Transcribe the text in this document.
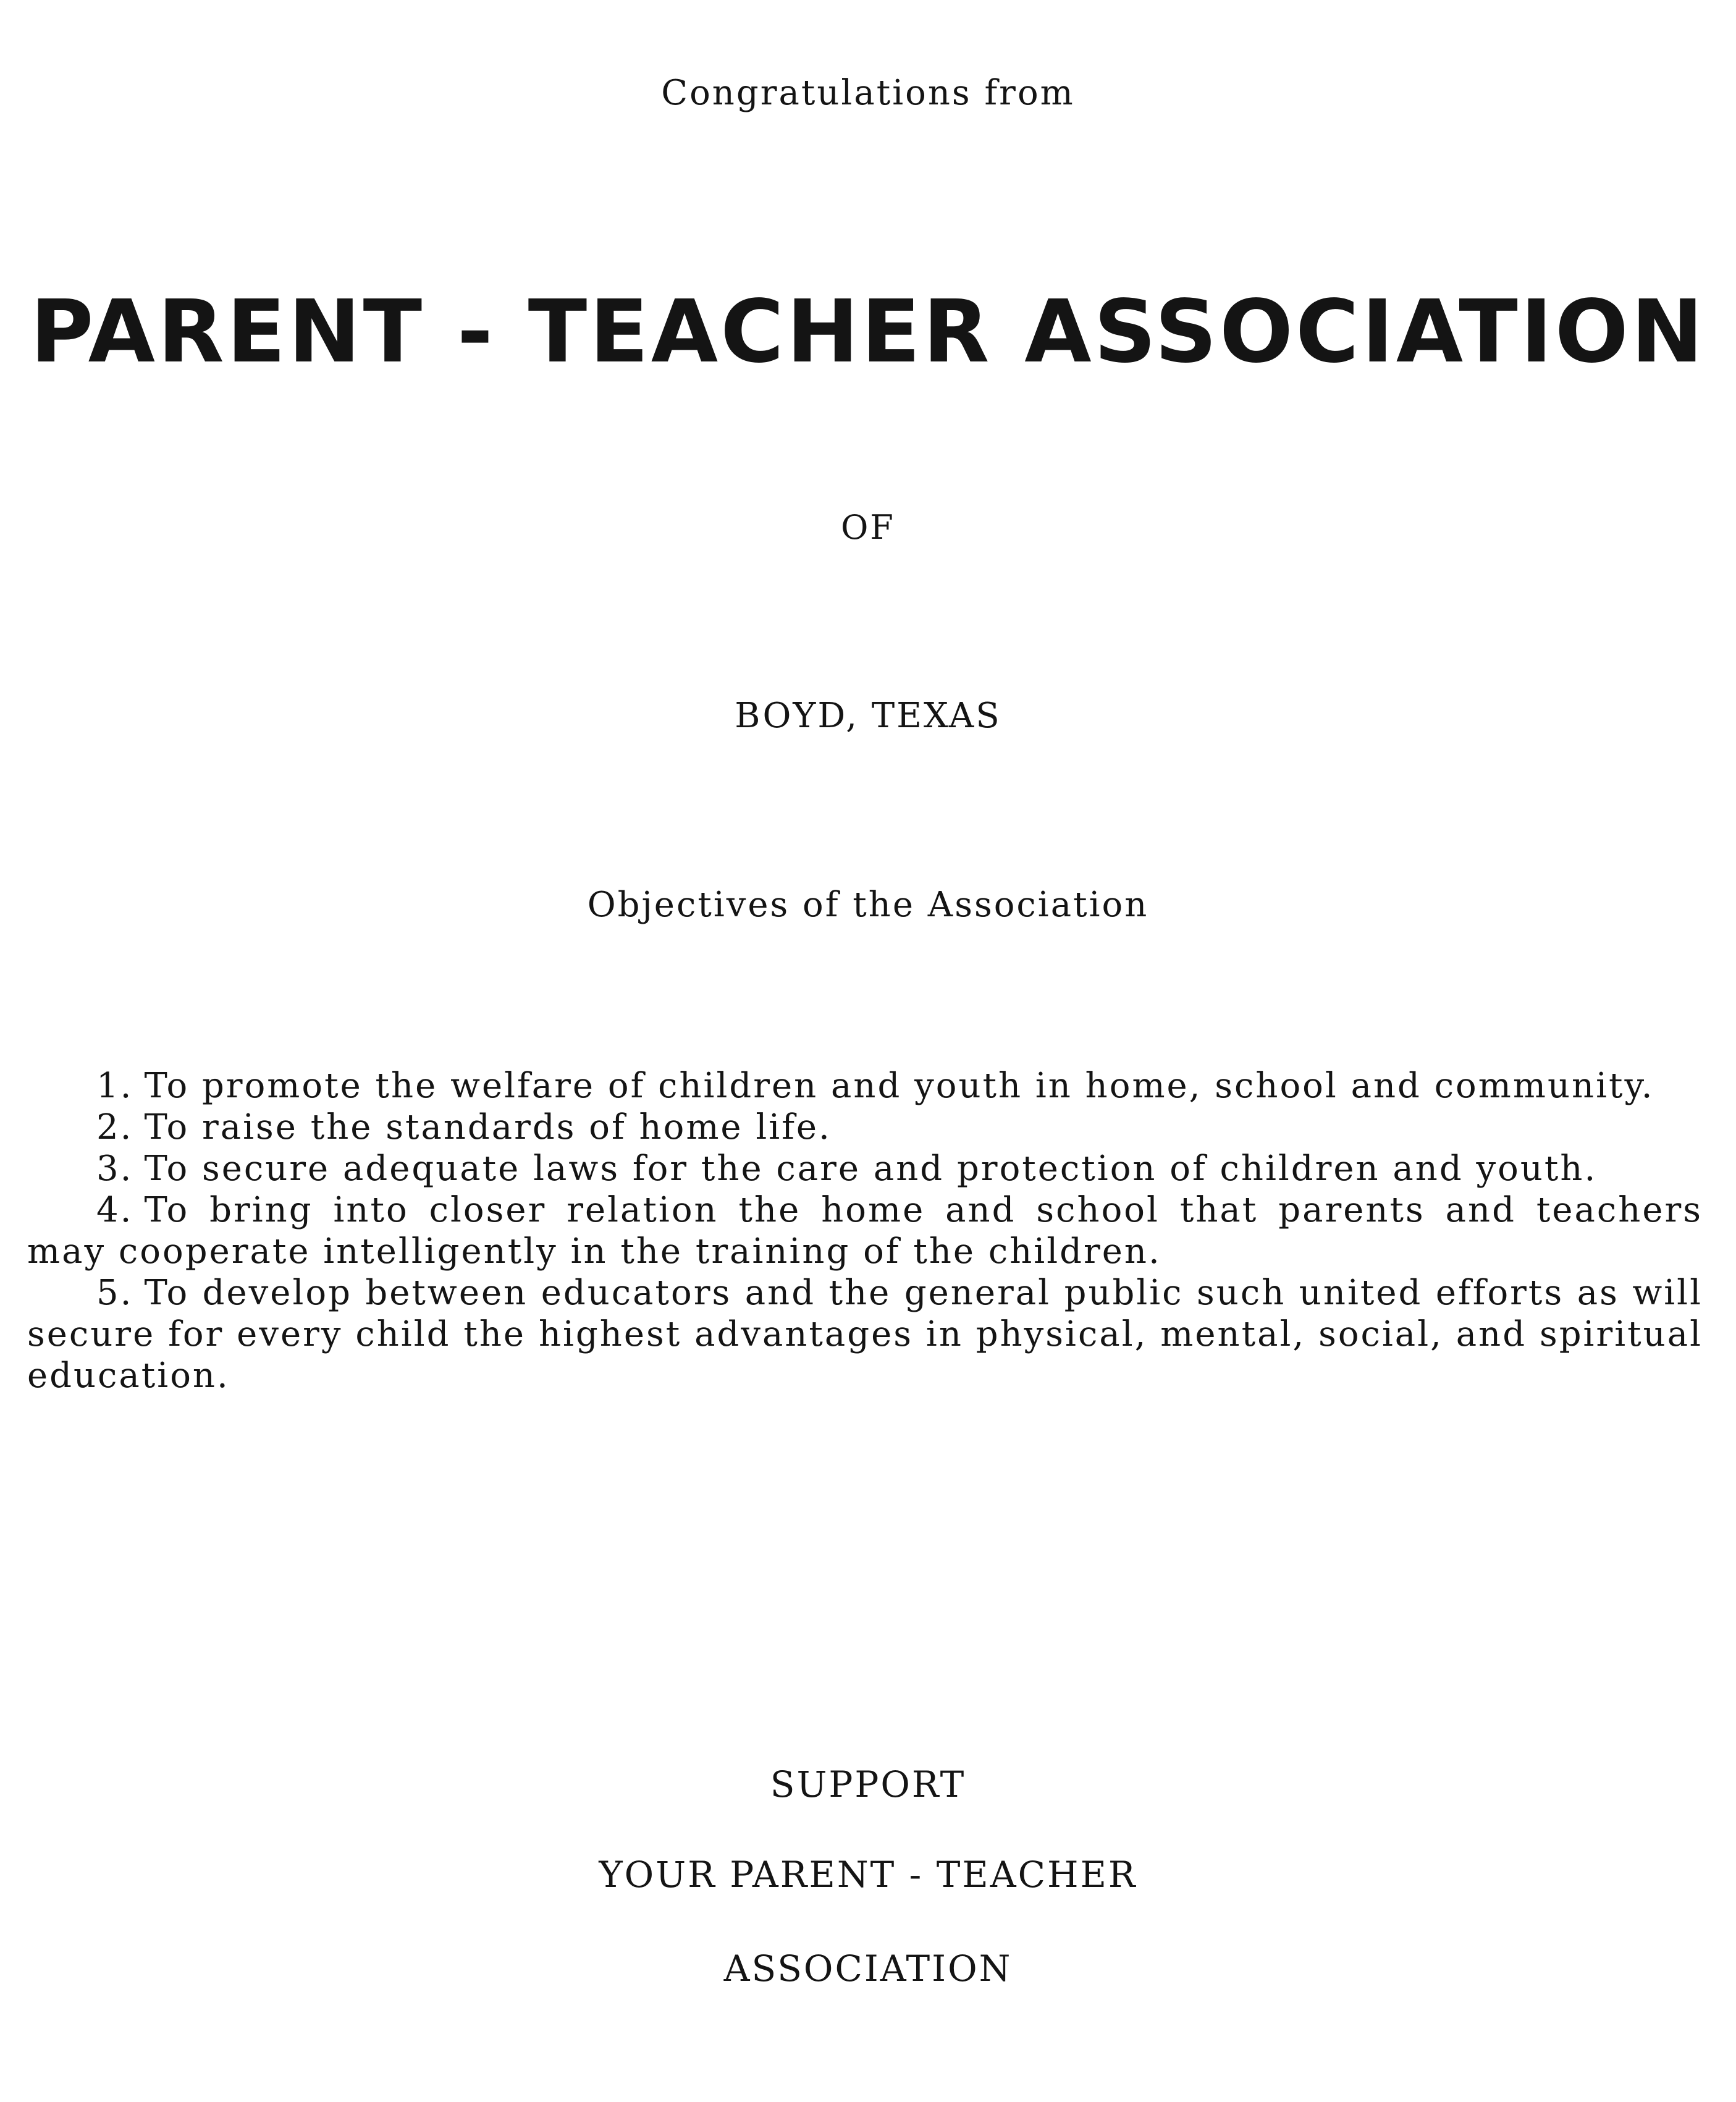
Congratulations from
PARENT - TEACHER ASSOCIATION
OF
BOYD, TEXAS
Objectives of the Association
1. To promote the welfare of children and youth in home, school and community.
2. To raise the standards of home life.
3. To secure adequate laws for the care and protection of children and youth.
4. To bring into closer relation the home and school that parents and teachers may cooperate intelligently in the training of the children.
5. To develop between educators and the general public such united efforts as will secure for every child the highest advantages in physical, mental, social, and spiritual education.
SUPPORT
YOUR PARENT - TEACHER
ASSOCIATION
